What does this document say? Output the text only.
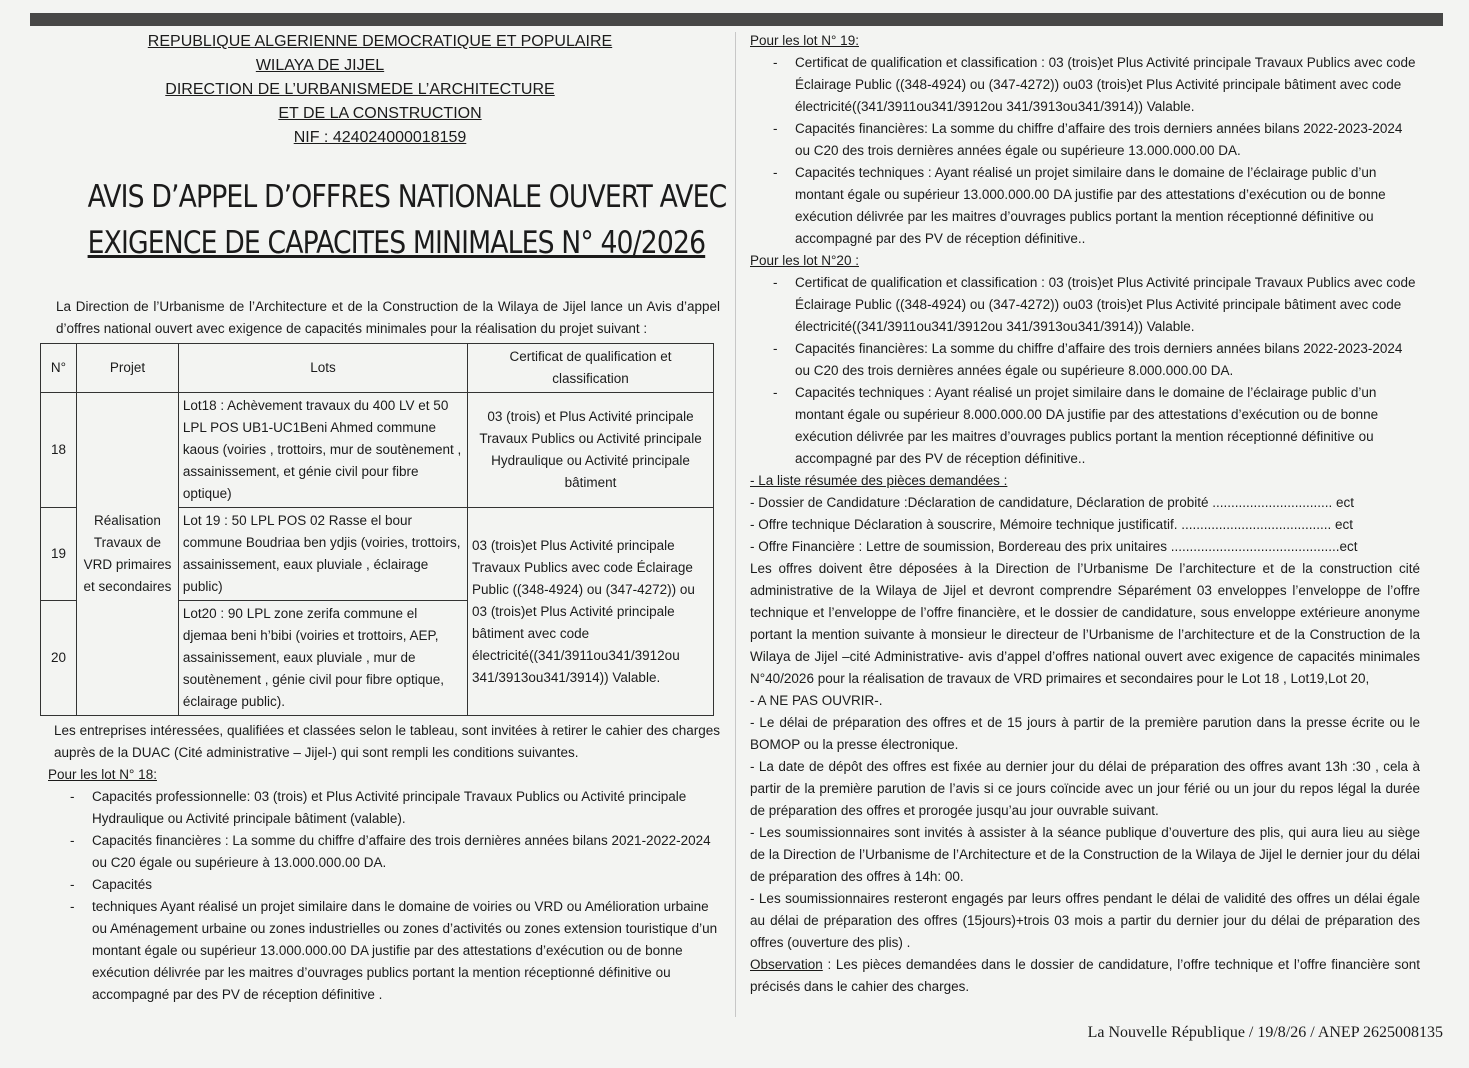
REPUBLIQUE ALGERIENNE DEMOCRATIQUE ET POPULAIRE
WILAYA DE JIJEL
DIRECTION DE L’URBANISMEDE L’ARCHITECTURE
ET DE LA CONSTRUCTION
NIF : 424024000018159
AVIS D’APPEL D’OFFRES NATIONALE OUVERT AVEC
EXIGENCE DE CAPACITES MINIMALES N° 40/2026
La Direction de l’Urbanisme de l’Architecture et de la Construction de la Wilaya de Jijel lance un Avis d’appel d’offres national ouvert avec exigence de capacités minimales pour la réalisation du projet suivant :
N°	Projet	Lots	Certificat de qualification et classification
18	Réalisation Travaux de VRD primaires et secondaires	Lot18 : Achèvement travaux du 400 LV et 50 LPL POS UB1-UC1Beni Ahmed commune kaous (voiries , trottoirs, mur de soutènement , assainissement, et génie civil pour fibre optique)	03 (trois) et Plus Activité principale Travaux Publics ou Activité principale Hydraulique ou Activité principale bâtiment
19		Lot 19 : 50 LPL POS 02 Rasse el bour commune Boudriaa ben ydjis (voiries, trottoirs, assainissement, eaux pluviale , éclairage public)	03 (trois)et Plus Activité principale Travaux Publics avec code Éclairage Public ((348-4924) ou (347-4272)) ou 03 (trois)et Plus Activité principale bâtiment avec code électricité((341/3911ou341/3912ou 341/3913ou341/3914)) Valable.
20		Lot20 : 90 LPL zone zerifa commune el djemaa beni h’bibi (voiries et trottoirs, AEP, assainissement, eaux pluviale , mur de soutènement , génie civil pour fibre optique, éclairage public).	
Les entreprises intéressées, qualifiées et classées selon le tableau, sont invitées à retirer le cahier des charges auprès de la DUAC (Cité administrative – Jijel-) qui sont rempli les conditions suivantes.
Pour les lot N° 18:
- Capacités professionnelle: 03 (trois) et Plus Activité principale Travaux Publics ou Activité principale Hydraulique ou Activité principale bâtiment (valable).
- Capacités financières : La somme du chiffre d’affaire des trois dernières années bilans 2021-2022-2024 ou C20 égale ou supérieure à 13.000.000.00 DA.
- Capacités
- techniques Ayant réalisé un projet similaire dans le domaine de voiries ou VRD ou Amélioration urbaine ou Aménagement urbaine ou zones industrielles ou zones d’activités ou zones extension touristique d’un montant égale ou supérieur 13.000.000.00 DA justifie par des attestations d’exécution ou de bonne exécution délivrée par les maitres d’ouvrages publics portant la mention réceptionné définitive ou accompagné par des PV de réception définitive .
Pour les lot N° 19:
- Certificat de qualification et classification : 03 (trois)et Plus Activité principale Travaux Publics avec code Éclairage Public ((348-4924) ou (347-4272)) ou03 (trois)et Plus Activité principale bâtiment avec code électricité((341/3911ou341/3912ou 341/3913ou341/3914)) Valable.
- Capacités financières: La somme du chiffre d’affaire des trois derniers années bilans 2022-2023-2024 ou C20 des trois dernières années égale ou supérieure 13.000.000.00 DA.
- Capacités techniques : Ayant réalisé un projet similaire dans le domaine de l’éclairage public d’un montant égale ou supérieur 13.000.000.00 DA justifie par des attestations d’exécution ou de bonne exécution délivrée par les maitres d’ouvrages publics portant la mention réceptionné définitive ou accompagné par des PV de réception définitive..
Pour les lot N°20 :
- Certificat de qualification et classification : 03 (trois)et Plus Activité principale Travaux Publics avec code Éclairage Public ((348-4924) ou (347-4272)) ou03 (trois)et Plus Activité principale bâtiment avec code électricité((341/3911ou341/3912ou 341/3913ou341/3914)) Valable.
- Capacités financières: La somme du chiffre d’affaire des trois derniers années bilans 2022-2023-2024 ou C20 des trois dernières années égale ou supérieure 8.000.000.00 DA.
- Capacités techniques : Ayant réalisé un projet similaire dans le domaine de l’éclairage public d’un montant égale ou supérieur 8.000.000.00 DA justifie par des attestations d’exécution ou de bonne exécution délivrée par les maitres d’ouvrages publics portant la mention réceptionné définitive ou accompagné par des PV de réception définitive..
- La liste résumée des pièces demandées :
- Dossier de Candidature :Déclaration de candidature, Déclaration de probité ................................ ect
- Offre technique Déclaration à souscrire, Mémoire technique justificatif. ........................................ ect
- Offre Financière : Lettre de soumission, Bordereau des prix unitaires .............................................ect
Les offres doivent être déposées à la Direction de l’Urbanisme De l’architecture et de la construction cité administrative de la Wilaya de Jijel et devront comprendre Séparément 03 enveloppes l’enveloppe de l’offre technique et l’enveloppe de l’offre financière, et le dossier de candidature, sous enveloppe extérieure anonyme portant la mention suivante à monsieur le directeur de l’Urbanisme de l’architecture et de la Construction de la Wilaya de Jijel –cité Administrative- avis d’appel d’offres national ouvert avec exigence de capacités minimales N°40/2026 pour la réalisation de travaux de VRD primaires et secondaires pour le Lot 18 , Lot19,Lot 20,
- A NE PAS OUVRIR-.
- Le délai de préparation des offres et de 15 jours à partir de la première parution dans la presse écrite ou le BOMOP ou la presse électronique.
- La date de dépôt des offres est fixée au dernier jour du délai de préparation des offres avant 13h :30 , cela à partir de la première parution de l’avis si ce jours coïncide avec un jour férié ou un jour du repos légal la durée de préparation des offres et prorogée jusqu’au jour ouvrable suivant.
- Les soumissionnaires sont invités à assister à la séance publique d’ouverture des plis, qui aura lieu au siège de la Direction de l’Urbanisme de l’Architecture et de la Construction de la Wilaya de Jijel le dernier jour du délai de préparation des offres à 14h: 00.
- Les soumissionnaires resteront engagés par leurs offres pendant le délai de validité des offres un délai égale au délai de préparation des offres (15jours)+trois 03 mois a partir du dernier jour du délai de préparation des offres (ouverture des plis) .
Observation : Les pièces demandées dans le dossier de candidature, l’offre technique et l’offre financière sont précisés dans le cahier des charges.
La Nouvelle République / 19/8/26 / ANEP 2625008135
